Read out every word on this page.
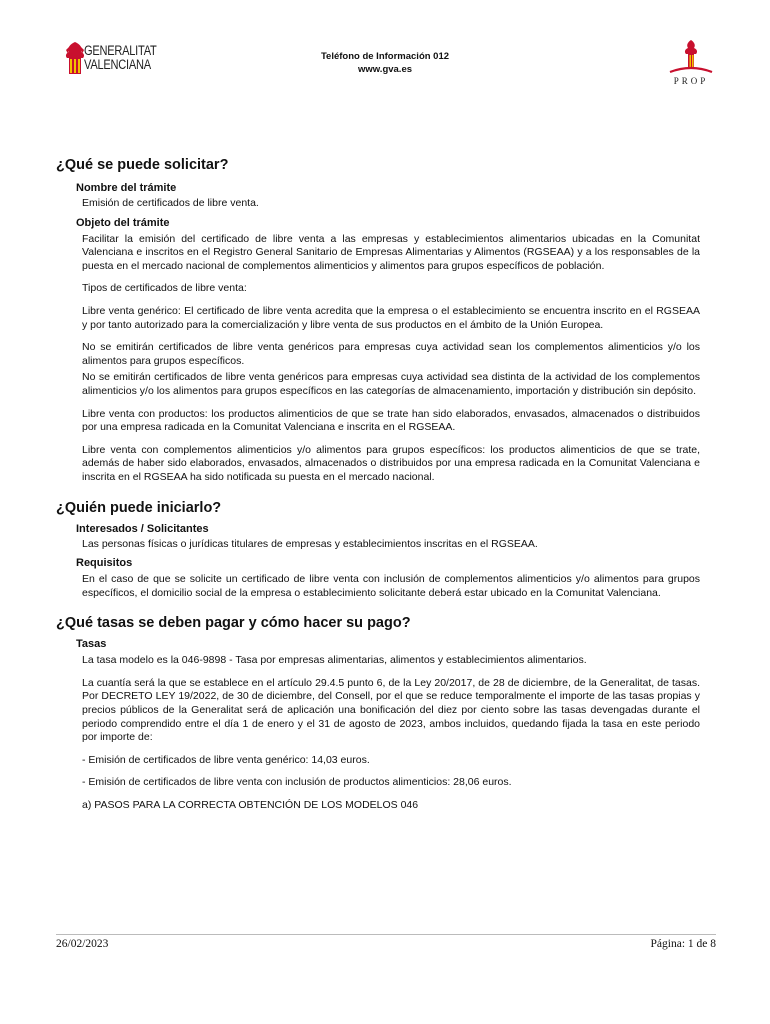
GENERALITAT
VALENCIANA
Teléfono de Información 012
www.gva.es
PROP
¿Qué se puede solicitar?
Nombre del trámite

Emisión de certificados de libre venta.

Objeto del trámite

Facilitar la emisión del certificado de libre venta a las empresas y establecimientos alimentarios ubicadas en la Comunitat Valenciana e inscritos en el Registro General Sanitario de Empresas Alimentarias y Alimentos (RGSEAA) y a los responsables de la puesta en el mercado nacional de complementos alimenticios y alimentos para grupos específicos de población.

Tipos de certificados de libre venta:

Libre venta genérico: El certificado de libre venta acredita que la empresa o el establecimiento se encuentra inscrito en el RGSEAA y por tanto autorizado para la comercialización y libre venta de sus productos en el ámbito de la Unión Europea.

No se emitirán certificados de libre venta genéricos para empresas cuya actividad sean los complementos alimenticios y/o los alimentos para grupos específicos.

No se emitirán certificados de libre venta genéricos para empresas cuya actividad sea distinta de la actividad de los complementos alimenticios y/o los alimentos para grupos específicos en las categorías de almacenamiento, importación y distribución sin depósito.

Libre venta con productos: los productos alimenticios de que se trate han sido elaborados, envasados, almacenados o distribuidos por una empresa radicada en la Comunitat Valenciana e inscrita en el RGSEAA.

Libre venta con complementos alimenticios y/o alimentos para grupos específicos: los productos alimenticios de que se trate, además de haber sido elaborados, envasados, almacenados o distribuidos por una empresa radicada en la Comunitat Valenciana e inscrita en el RGSEAA ha sido notificada su puesta en el mercado nacional.

¿Quién puede iniciarlo?
Interesados / Solicitantes

Las personas físicas o jurídicas titulares de empresas y establecimientos inscritas en el RGSEAA.

Requisitos

En el caso de que se solicite un certificado de libre venta con inclusión de complementos alimenticios y/o alimentos para grupos específicos, el domicilio social de la empresa o establecimiento solicitante deberá estar ubicado en la Comunitat Valenciana.

¿Qué tasas se deben pagar y cómo hacer su pago?
Tasas

La tasa modelo es la 046-9898 - Tasa por empresas alimentarias, alimentos y establecimientos alimentarios.

La cuantía será la que se establece en el artículo 29.4.5 punto 6, de la Ley 20/2017, de 28 de diciembre, de la Generalitat, de tasas. Por DECRETO LEY 19/2022, de 30 de diciembre, del Consell, por el que se reduce temporalmente el importe de las tasas propias y precios públicos de la Generalitat será de aplicación una bonificación del diez por ciento sobre las tasas devengadas durante el periodo comprendido entre el día 1 de enero y el 31 de agosto de 2023, ambos incluidos, quedando fijada la tasa en este periodo por importe de:

- Emisión de certificados de libre venta genérico: 14,03 euros.

- Emisión de certificados de libre venta con inclusión de productos alimenticios: 28,06 euros.

a) PASOS PARA LA CORRECTA OBTENCIÓN DE LOS MODELOS 046

26/02/2023	Página: 1 de 8
